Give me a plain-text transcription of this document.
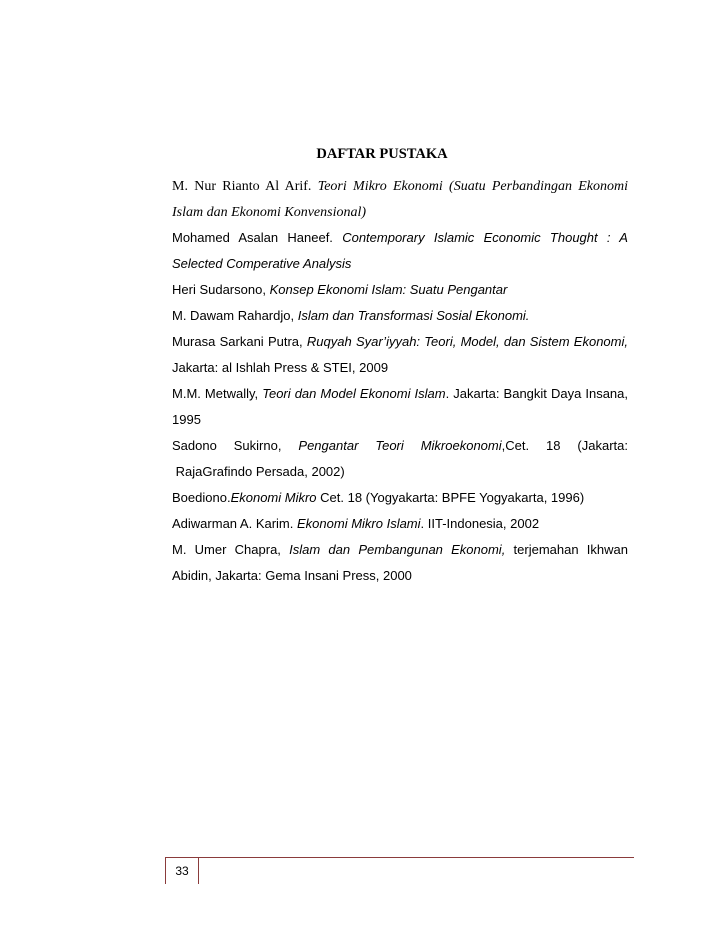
DAFTAR PUSTAKA
M. Nur Rianto Al Arif. Teori Mikro Ekonomi (Suatu Perbandingan Ekonomi
Islam dan Ekonomi Konvensional)
Mohamed Asalan Haneef. Contemporary Islamic Economic Thought : A
Selected Comperative Analysis
Heri Sudarsono, Konsep Ekonomi Islam: Suatu Pengantar
M. Dawam Rahardjo, Islam dan Transformasi Sosial Ekonomi.
Murasa Sarkani Putra, Ruqyah Syar’iyyah: Teori, Model, dan Sistem Ekonomi,
Jakarta: al Ishlah Press & STEI, 2009
M.M. Metwally, Teori dan Model Ekonomi Islam. Jakarta: Bangkit Daya Insana,
1995
Sadono Sukirno, Pengantar Teori Mikroekonomi,Cet. 18 (Jakarta:
RajaGrafindo Persada, 2002)
Boediono.Ekonomi Mikro Cet. 18 (Yogyakarta: BPFE Yogyakarta, 1996)
Adiwarman A. Karim. Ekonomi Mikro Islami. IIT-Indonesia, 2002
M. Umer Chapra, Islam dan Pembangunan Ekonomi, terjemahan Ikhwan
Abidin, Jakarta: Gema Insani Press, 2000
33
